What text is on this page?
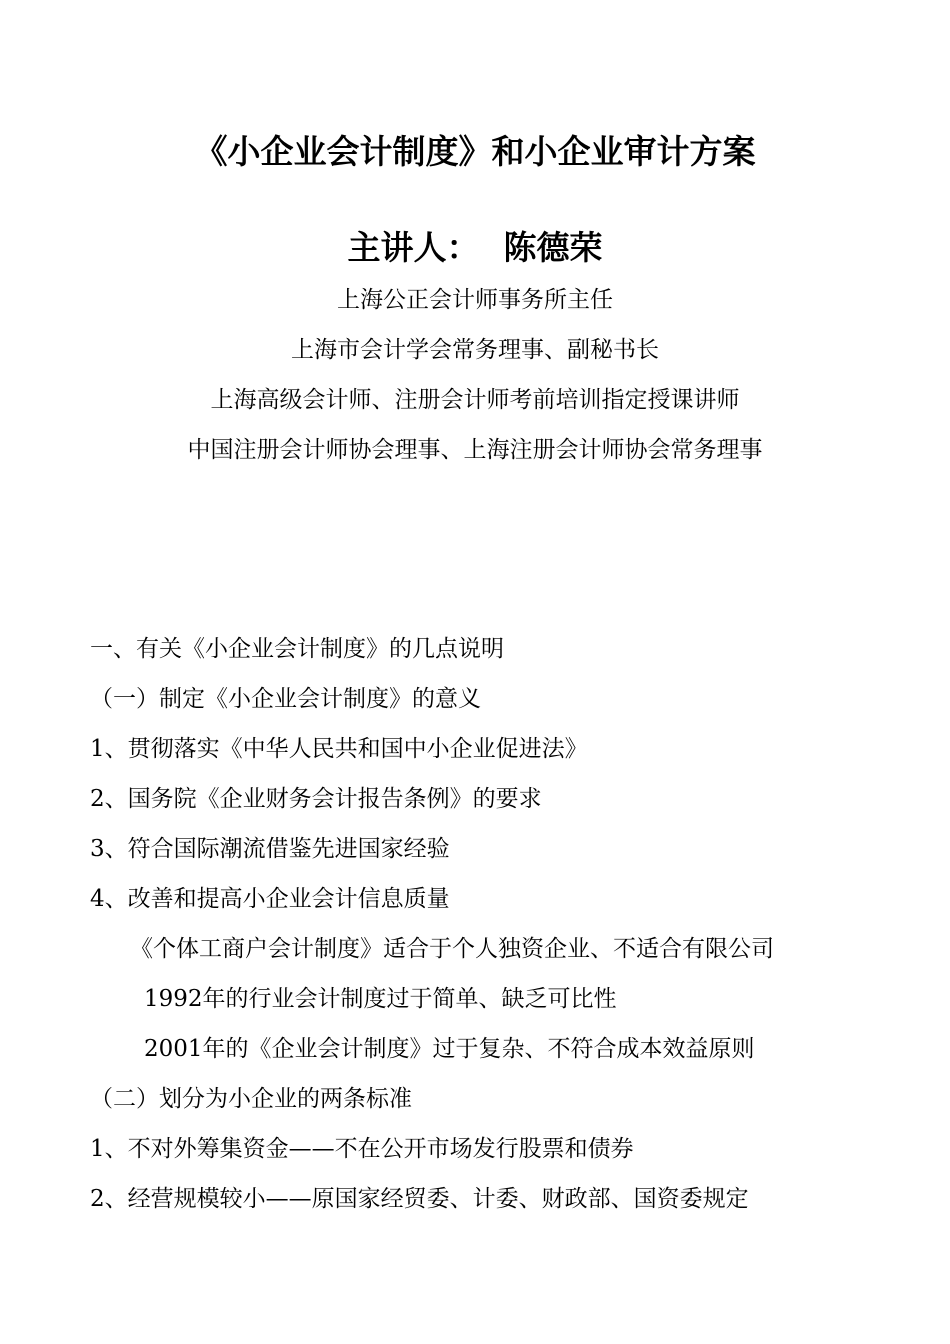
《小企业会计制度》和小企业审计方案
主讲人： 陈德荣
上海公正会计师事务所主任
上海市会计学会常务理事、副秘书长
上海高级会计师、注册会计师考前培训指定授课讲师
中国注册会计师协会理事、上海注册会计师协会常务理事
一、有关《小企业会计制度》的几点说明
（一）制定《小企业会计制度》的意义
1、贯彻落实《中华人民共和国中小企业促进法》
2、国务院《企业财务会计报告条例》的要求
3、符合国际潮流借鉴先进国家经验
4、改善和提高小企业会计信息质量
《个体工商户会计制度》适合于个人独资企业、不适合有限公司
1992年的行业会计制度过于简单、缺乏可比性
2001年的《企业会计制度》过于复杂、不符合成本效益原则
（二）划分为小企业的两条标准
1、不对外筹集资金——不在公开市场发行股票和债券
2、经营规模较小——原国家经贸委、计委、财政部、国资委规定
